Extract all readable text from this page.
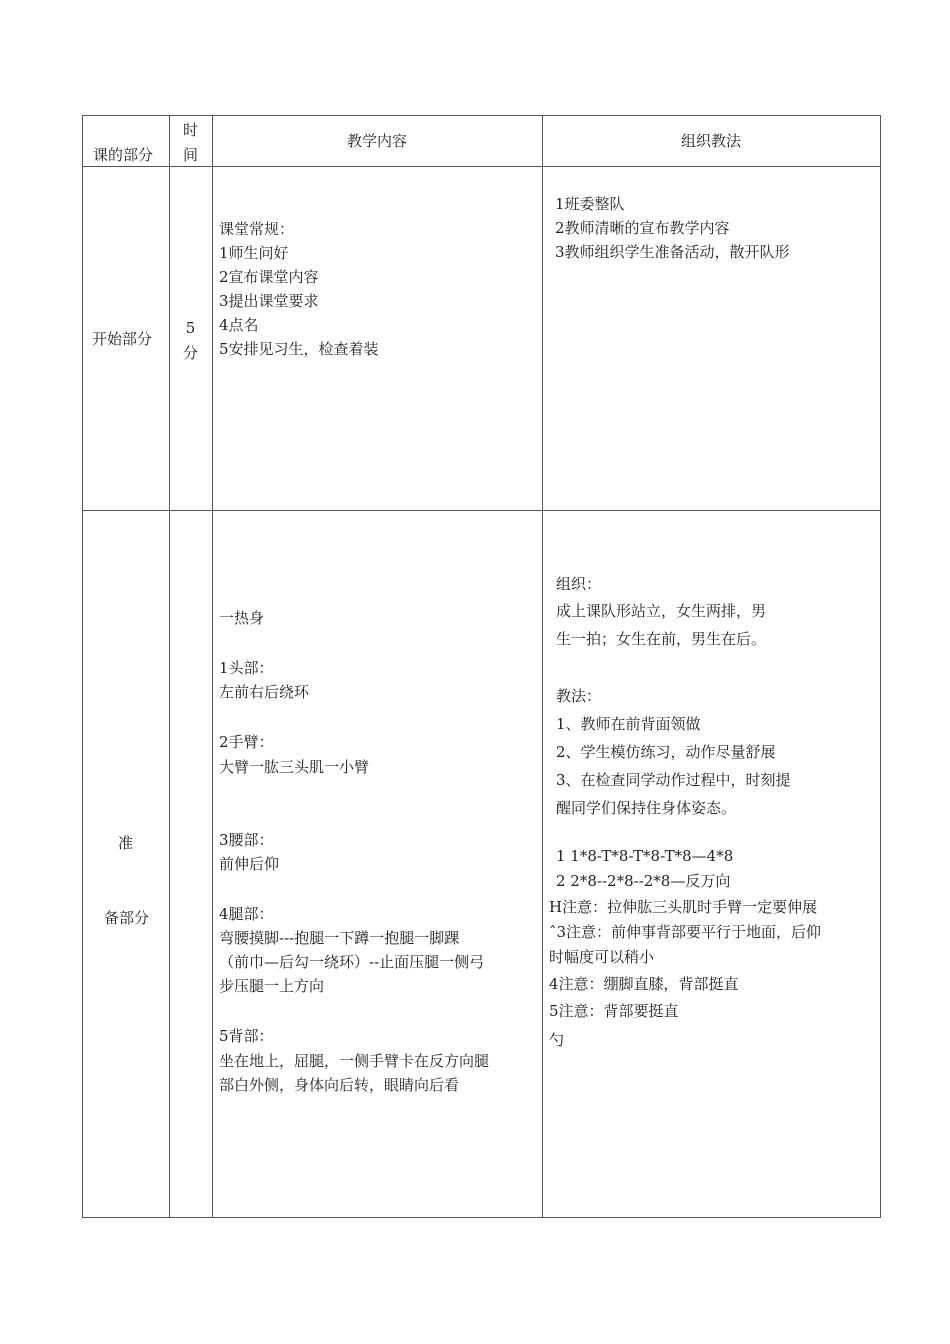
课的部分
时
间
教学内容	组织教法
开始部分
5
分
课堂常规：
1师生问好
2宣布课堂内容
3提出课堂要求
4点名
5安排见习生，检查着装
1班委整队
2教师清晰的宣布教学内容
3教师组织学生准备活动，散开队形
准
备部分
一热身
1头部：
左前右后绕环
2手臂：
大臂一肱三头肌一小臂
3腰部：
前伸后仰
4腿部：
弯腰摸脚---抱腿一下蹲一抱腿一脚踝
（前巾—后勾一绕环）--止面压腿一侧弓
步压腿一上方向
5背部：
坐在地上，屈腿，一侧手臂卡在反方向腿
部白外侧，身体向后转，眼睛向后看
组织：
成上课队形站立，女生两排，男
生一拍；女生在前，男生在后。
教法：
1、教师在前背面领做
2、学生模仿练习，动作尽量舒展
3、在检查同学动作过程中，时刻提
醒同学们保持住身体姿态。
1 1*8-T*8-T*8-T*8—4*8
2 2*8--2*8--2*8—反万向
H注意：拉伸肱三头肌时手臂一定要伸展
ˆ3注意：前伸事背部要平行于地面，后仰
时幅度可以稍小
4注意：绷脚直膝，背部挺直
5注意：背部要挺直
勺
